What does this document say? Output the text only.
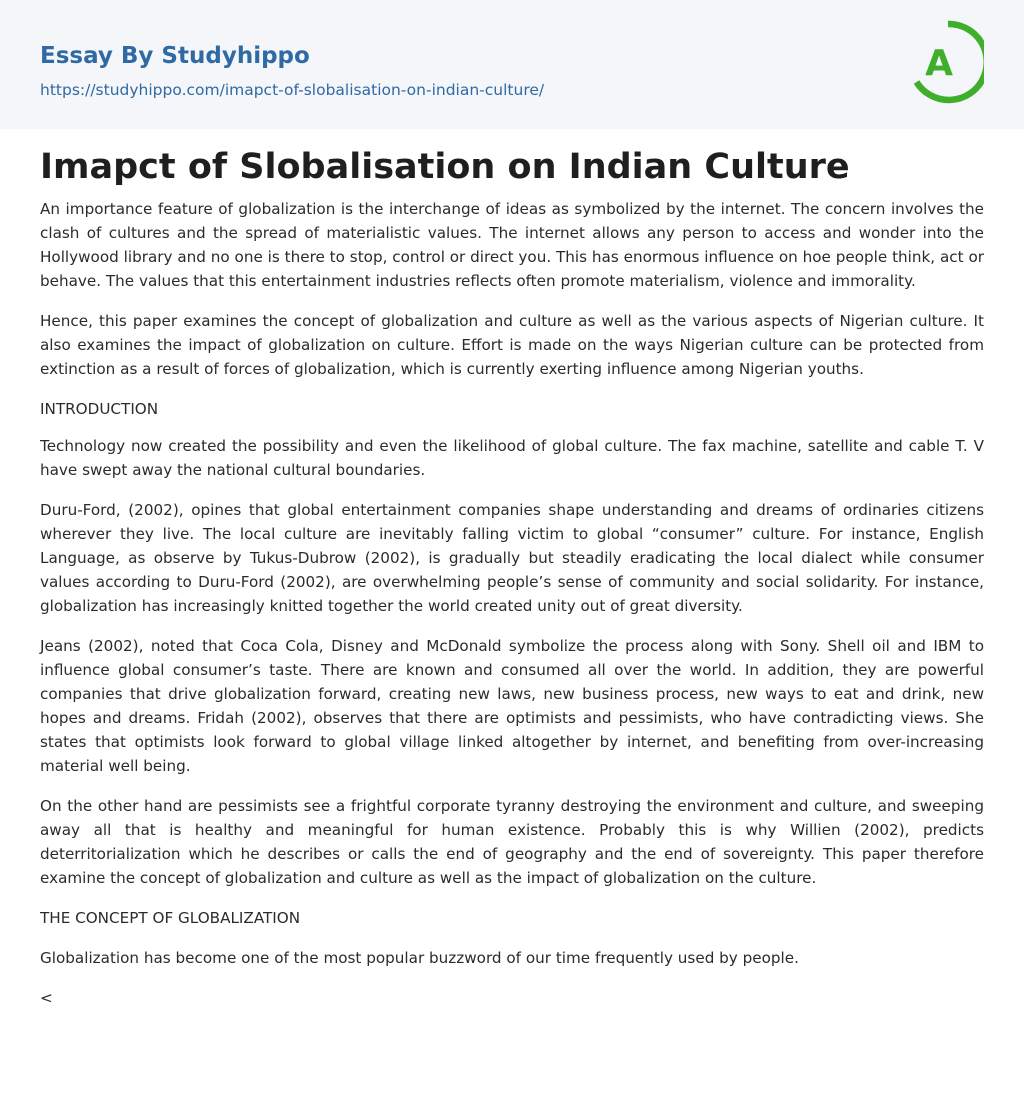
Essay By Studyhippo
https://studyhippo.com/imapct-of-slobalisation-on-indian-culture/
A
Imapct of Slobalisation on Indian Culture

An importance feature of globalization is the interchange of ideas as symbolized by the internet. The concern involves the clash of cultures and the spread of materialistic values. The internet allows any person to access and wonder into the Hollywood library and no one is there to stop, control or direct you. This has enormous influence on hoe people think, act or behave. The values that this entertainment industries reflects often promote materialism, violence and immorality.

Hence, this paper examines the concept of globalization and culture as well as the various aspects of Nigerian culture. It also examines the impact of globalization on culture. Effort is made on the ways Nigerian culture can be protected from extinction as a result of forces of globalization, which is currently exerting influence among Nigerian youths.

INTRODUCTION

Technology now created the possibility and even the likelihood of global culture. The fax machine, satellite and cable T. V have swept away the national cultural boundaries.

Duru-Ford, (2002), opines that global entertainment companies shape understanding and dreams of ordinaries citizens wherever they live. The local culture are inevitably falling victim to global “consumer” culture. For instance, English Language, as observe by Tukus-Dubrow (2002), is gradually but steadily eradicating the local dialect while consumer values according to Duru-Ford (2002), are overwhelming people’s sense of community and social solidarity. For instance, globalization has increasingly knitted together the world created unity out of great diversity.

Jeans (2002), noted that Coca Cola, Disney and McDonald symbolize the process along with Sony. Shell oil and IBM to influence global consumer’s taste. There are known and consumed all over the world. In addition, they are powerful companies that drive globalization forward, creating new laws, new business process, new ways to eat and drink, new hopes and dreams. Fridah (2002), observes that there are optimists and pessimists, who have contradicting views. She states that optimists look forward to global village linked altogether by internet, and benefiting from over-increasing material well being.

On the other hand are pessimists see a frightful corporate tyranny destroying the environment and culture, and sweeping away all that is healthy and meaningful for human existence. Probably this is why Willien (2002), predicts deterritorialization which he describes or calls the end of geography and the end of sovereignty. This paper therefore examine the concept of globalization and culture as well as the impact of globalization on the culture.

THE CONCEPT OF GLOBALIZATION

Globalization has become one of the most popular buzzword of our time frequently used by people.

<
